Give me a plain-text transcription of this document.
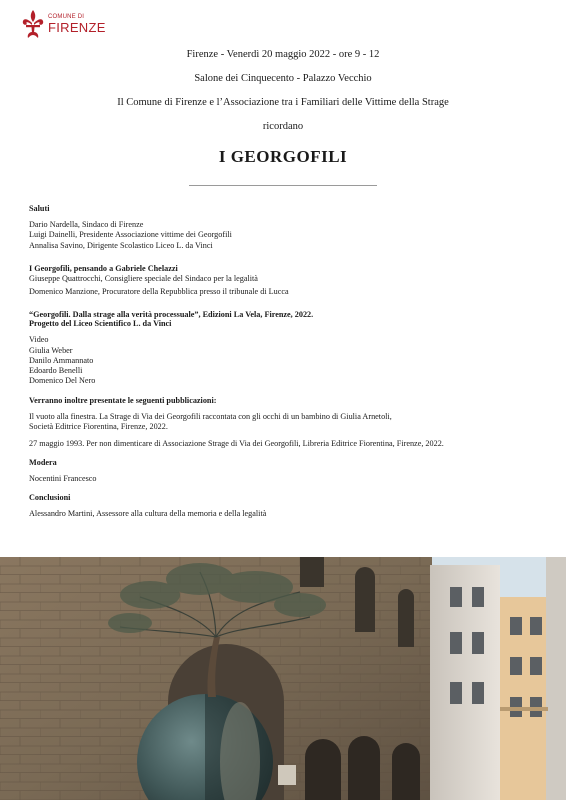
COMUNE DI
FIRENZE
Firenze - Venerdì 20 maggio 2022 - ore 9 - 12
Salone dei Cinquecento - Palazzo Vecchio
Il Comune di Firenze e l’Associazione tra i Familiari delle Vittime della Strage
ricordano
I GEORGOFILI
Saluti
Dario Nardella, Sindaco di Firenze
Luigi Dainelli, Presidente Associazione vittime dei Georgofili
Annalisa Savino, Dirigente Scolastico Liceo L. da Vinci
I Georgofili, pensando a Gabriele Chelazzi
Giuseppe Quattrocchi, Consigliere speciale del Sindaco per la legalità
Domenico Manzione, Procuratore della Repubblica presso il tribunale di Lucca
“Georgofili. Dalla strage alla verità processuale”, Edizioni La Vela, Firenze, 2022.
Progetto del Liceo Scientifico L. da Vinci
Video
Giulia Weber
Danilo Ammannato
Edoardo Benelli
Domenico Del Nero
Verranno inoltre presentate le seguenti pubblicazioni:
Il vuoto alla finestra. La Strage di Via dei Georgofili raccontata con gli occhi di un bambino di Giulia Arnetoli,
Società Editrice Fiorentina, Firenze, 2022.
27 maggio 1993. Per non dimenticare di Associazione Strage di Via dei Georgofili, Libreria Editrice Fiorentina, Firenze, 2022.
Modera
Nocentini Francesco
Conclusioni
Alessandro Martini, Assessore alla cultura della memoria e della legalità
